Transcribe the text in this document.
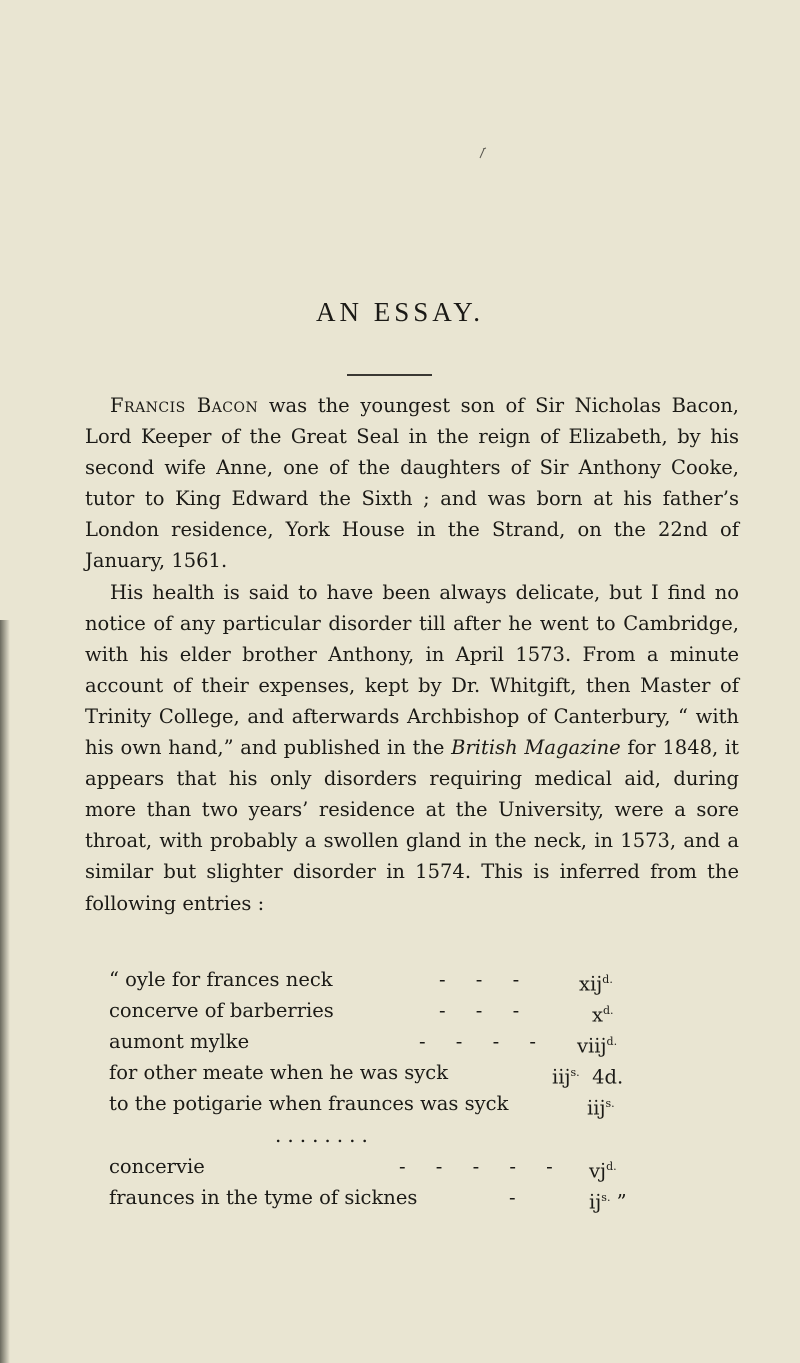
AN ESSAY.

Francis Bacon was the youngest son of Sir Nicholas Bacon, Lord Keeper of the Great Seal in the reign of Elizabeth, by his second wife Anne, one of the daughters of Sir Anthony Cooke, tutor to King Edward the Sixth ; and was born at his father’s London residence, York House in the Strand, on the 22nd of January, 1561.

His health is said to have been always delicate, but I find no notice of any particular disorder till after he went to Cambridge, with his elder brother Anthony, in April 1573. From a minute account of their expenses, kept by Dr. Whitgift, then Master of Trinity College, and afterwards Archbishop of Canterbury, “ with his own hand,” and published in the British Magazine for 1848, it appears that his only disorders requiring medical aid, during more than two years’ residence at the University, were a sore throat, with probably a swollen gland in the neck, in 1573, and a similar but slighter disorder in 1574. This is inferred from the following entries :

“ oyle for frances neck	- - - xij$^{d.}$
concerve of barberries	- - -	$x^{d.}$
aumont mylke	- - - - viij$^{d.}$
for other meate when he was syck	iij$^{s.}$ 4d.
to the potigarie when fraunces was syck	iij$^{s.}$
concervie	- - - - - $vj^{d.}$
fraunces in the tyme of sicknes	-	$ij^{s.}$ ”
........
